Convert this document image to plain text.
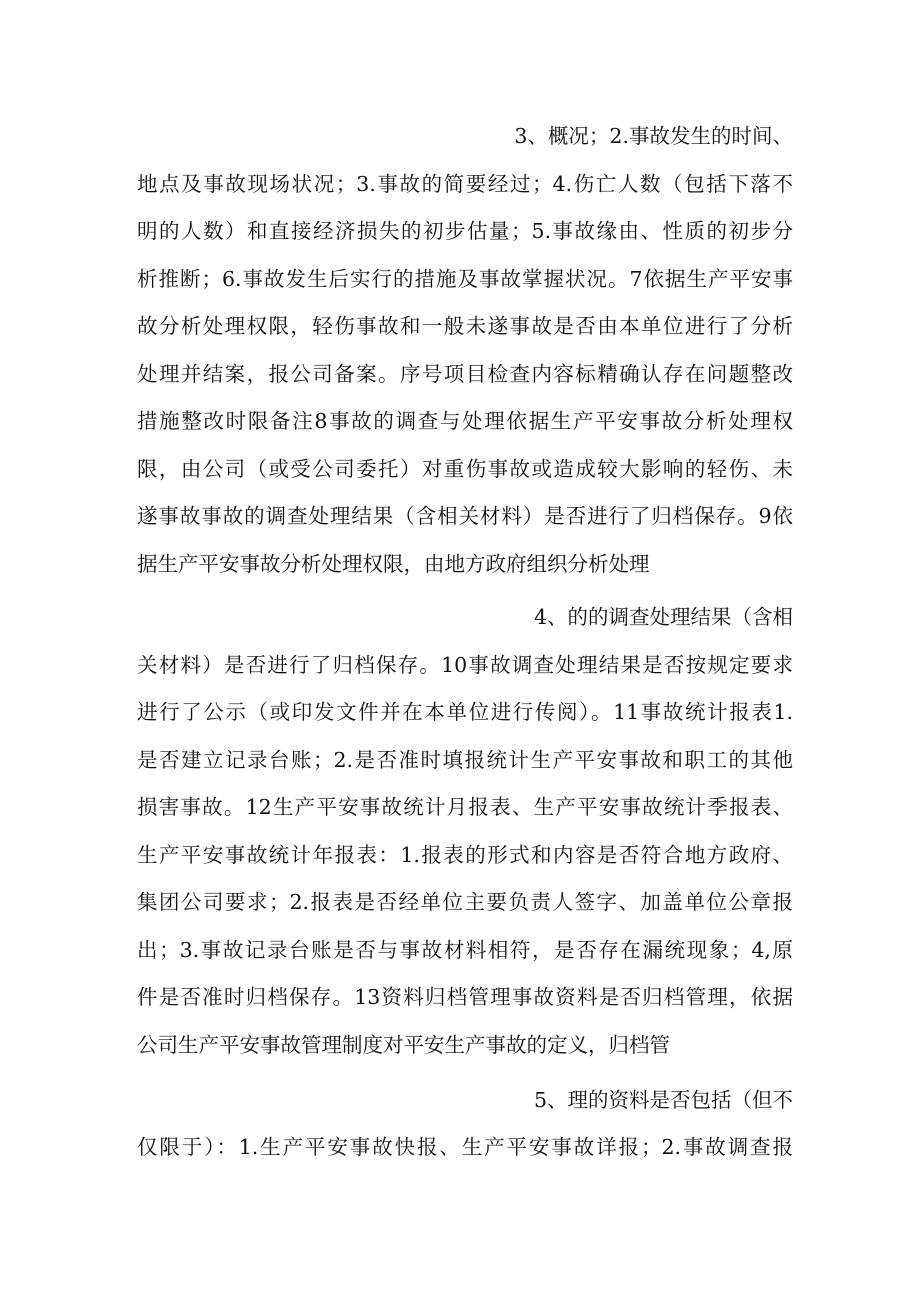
3、概况；2.事故发生的时间、
地点及事故现场状况；3.事故的简要经过；4.伤亡人数（包括下落不
明的人数）和直接经济损失的初步估量；5.事故缘由、性质的初步分
析推断；6.事故发生后实行的措施及事故掌握状况。7依据生产平安事
故分析处理权限，轻伤事故和一般未遂事故是否由本单位进行了分析
处理并结案，报公司备案。序号项目检查内容标精确认存在问题整改
措施整改时限备注8事故的调查与处理依据生产平安事故分析处理权
限，由公司（或受公司委托）对重伤事故或造成较大影响的轻伤、未
遂事故事故的调查处理结果（含相关材料）是否进行了归档保存。9依
据生产平安事故分析处理权限，由地方政府组织分析处理
4、的的调查处理结果（含相
关材料）是否进行了归档保存。10事故调查处理结果是否按规定要求
进行了公示（或印发文件并在本单位进行传阅）。11事故统计报表1.
是否建立记录台账；2.是否准时填报统计生产平安事故和职工的其他
损害事故。12生产平安事故统计月报表、生产平安事故统计季报表、
生产平安事故统计年报表：1.报表的形式和内容是否符合地方政府、
集团公司要求；2.报表是否经单位主要负责人签字、加盖单位公章报
出；3.事故记录台账是否与事故材料相符，是否存在漏统现象；4,原
件是否准时归档保存。13资料归档管理事故资料是否归档管理，依据
公司生产平安事故管理制度对平安生产事故的定义，归档管
5、理的资料是否包括（但不
仅限于）：1.生产平安事故快报、生产平安事故详报；2.事故调查报
